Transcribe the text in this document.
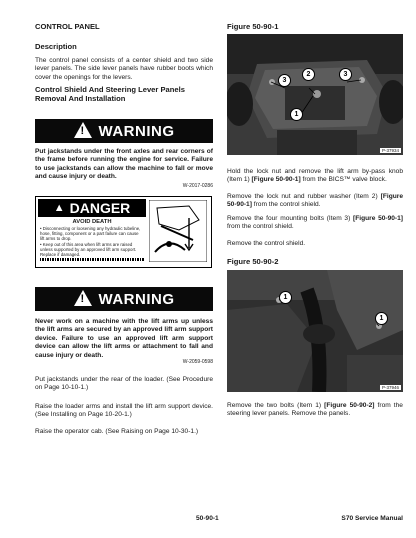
CONTROL PANEL
Description
The control panel consists of a center shield and two side lever panels. The side lever panels have rubber boots which cover the openings for the levers.
Control Shield And Steering Lever Panels Removal And Installation
!
WARNING
Put jackstands under the front axles and rear corners of the frame before running the engine for service. Failure to use jackstands can allow the machine to fall or move and cause injury or death.
W-2017-0286
▲ DANGER
AVOID DEATH
• Disconnecting or loosening any hydraulic tubeline, hose, fitting, component or a part failure can cause lift arms to drop.
• Keep out of this area when lift arms are raised unless supported by an approved lift arm support. Replace if damaged.
!
WARNING
Never work on a machine with the lift arms up unless the lift arms are secured by an approved lift arm support device. Failure to use an approved lift arm support device can allow the lift arms or attachment to fall and cause injury or death.
W-2059-0598
Put jackstands under the rear of the loader. (See Procedure on Page 10-10-1.)
Raise the loader arms and install the lift arm support device. (See Installing on Page 10-20-1.)
Raise the operator cab. (See Raising on Page 10-30-1.)
Figure 50-90-1
2	3
3
1
P-37934
Hold the lock nut and remove the lift arm by-pass knob (Item 1) [Figure 50-90-1] from the BICS™ valve block.
Remove the lock nut and rubber washer (Item 2) [Figure 50-90-1] from the control shield.
Remove the four mounting bolts (Item 3) [Figure 50-90-1] from the control shield.
Remove the control shield.
Figure 50-90-2
1
1
P-37946
Remove the two bolts (Item 1) [Figure 50-90-2] from the steering lever panels. Remove the panels.
50-90-1	S70 Service Manual
